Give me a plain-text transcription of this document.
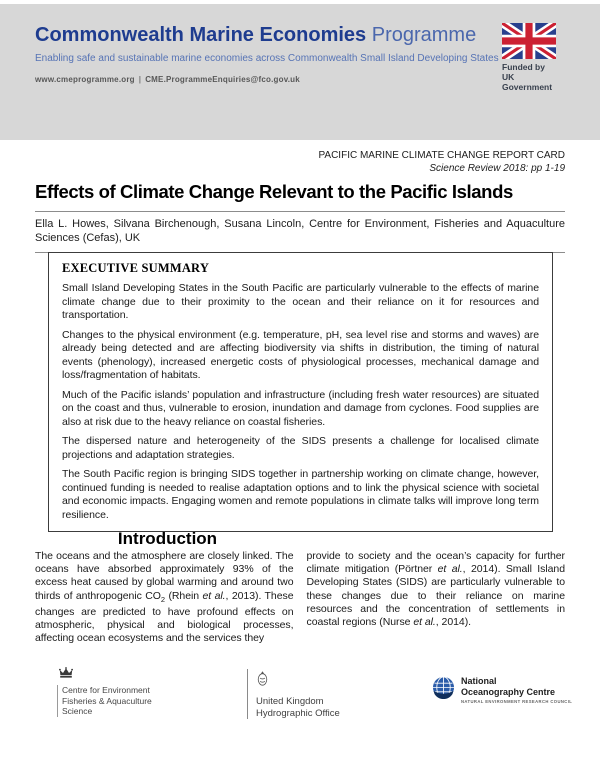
Commonwealth Marine Economies Programme
Enabling safe and sustainable marine economies across Commonwealth Small Island Developing States
www.cmeprogramme.org | CME.ProgrammeEnquiries@fco.gov.uk
Funded by
UK Government
PACIFIC MARINE CLIMATE CHANGE REPORT CARD
Science Review 2018: pp 1-19
Effects of Climate Change Relevant to the Pacific Islands
Ella L. Howes, Silvana Birchenough, Susana Lincoln, Centre for Environment, Fisheries and Aquaculture Sciences (Cefas), UK
EXECUTIVE SUMMARY

Small Island Developing States in the South Pacific are particularly vulnerable to the effects of marine climate change due to their proximity to the ocean and their reliance on it for resources and transportation.

Changes to the physical environment (e.g. temperature, pH, sea level rise and storms and waves) are already being detected and are affecting biodiversity via shifts in distribution, the timing of natural events (phenology), increased energetic costs of physiological processes, mechanical damage and loss/fragmentation of habitats.

Much of the Pacific islands’ population and infrastructure (including fresh water resources) are situated on the coast and thus, vulnerable to erosion, inundation and damage from cyclones. Food supplies are also at risk due to the heavy reliance on coastal fisheries.

The dispersed nature and heterogeneity of the SIDS presents a challenge for localised climate projections and adaptation strategies.

The South Pacific region is bringing SIDS together in partnership working on climate change, however, continued funding is needed to realise adaptation options and to link the physical science with societal and economic impacts. Engaging women and remote populations in climate talks will improve long term resilience.

Introduction
The oceans and the atmosphere are closely linked. The oceans have absorbed approximately 93% of the excess heat caused by global warming and around two thirds of anthropogenic $CO_2$ (Rhein et al., 2013). These changes are predicted to have profound effects on atmospheric, physical and biological processes, affecting ocean ecosystems and the services they
provide to society and the ocean’s capacity for further climate mitigation (Pörtner et al., 2014). Small Island Developing States (SIDS) are particularly vulnerable to these changes due to their reliance on marine resources and the concentration of settlements in coastal regions (Nurse et al., 2014).
Centre for Environment
Fisheries & Aquaculture
Science
United Kingdom
Hydrographic Office
National
Oceanography Centre
NATURAL ENVIRONMENT RESEARCH COUNCIL
